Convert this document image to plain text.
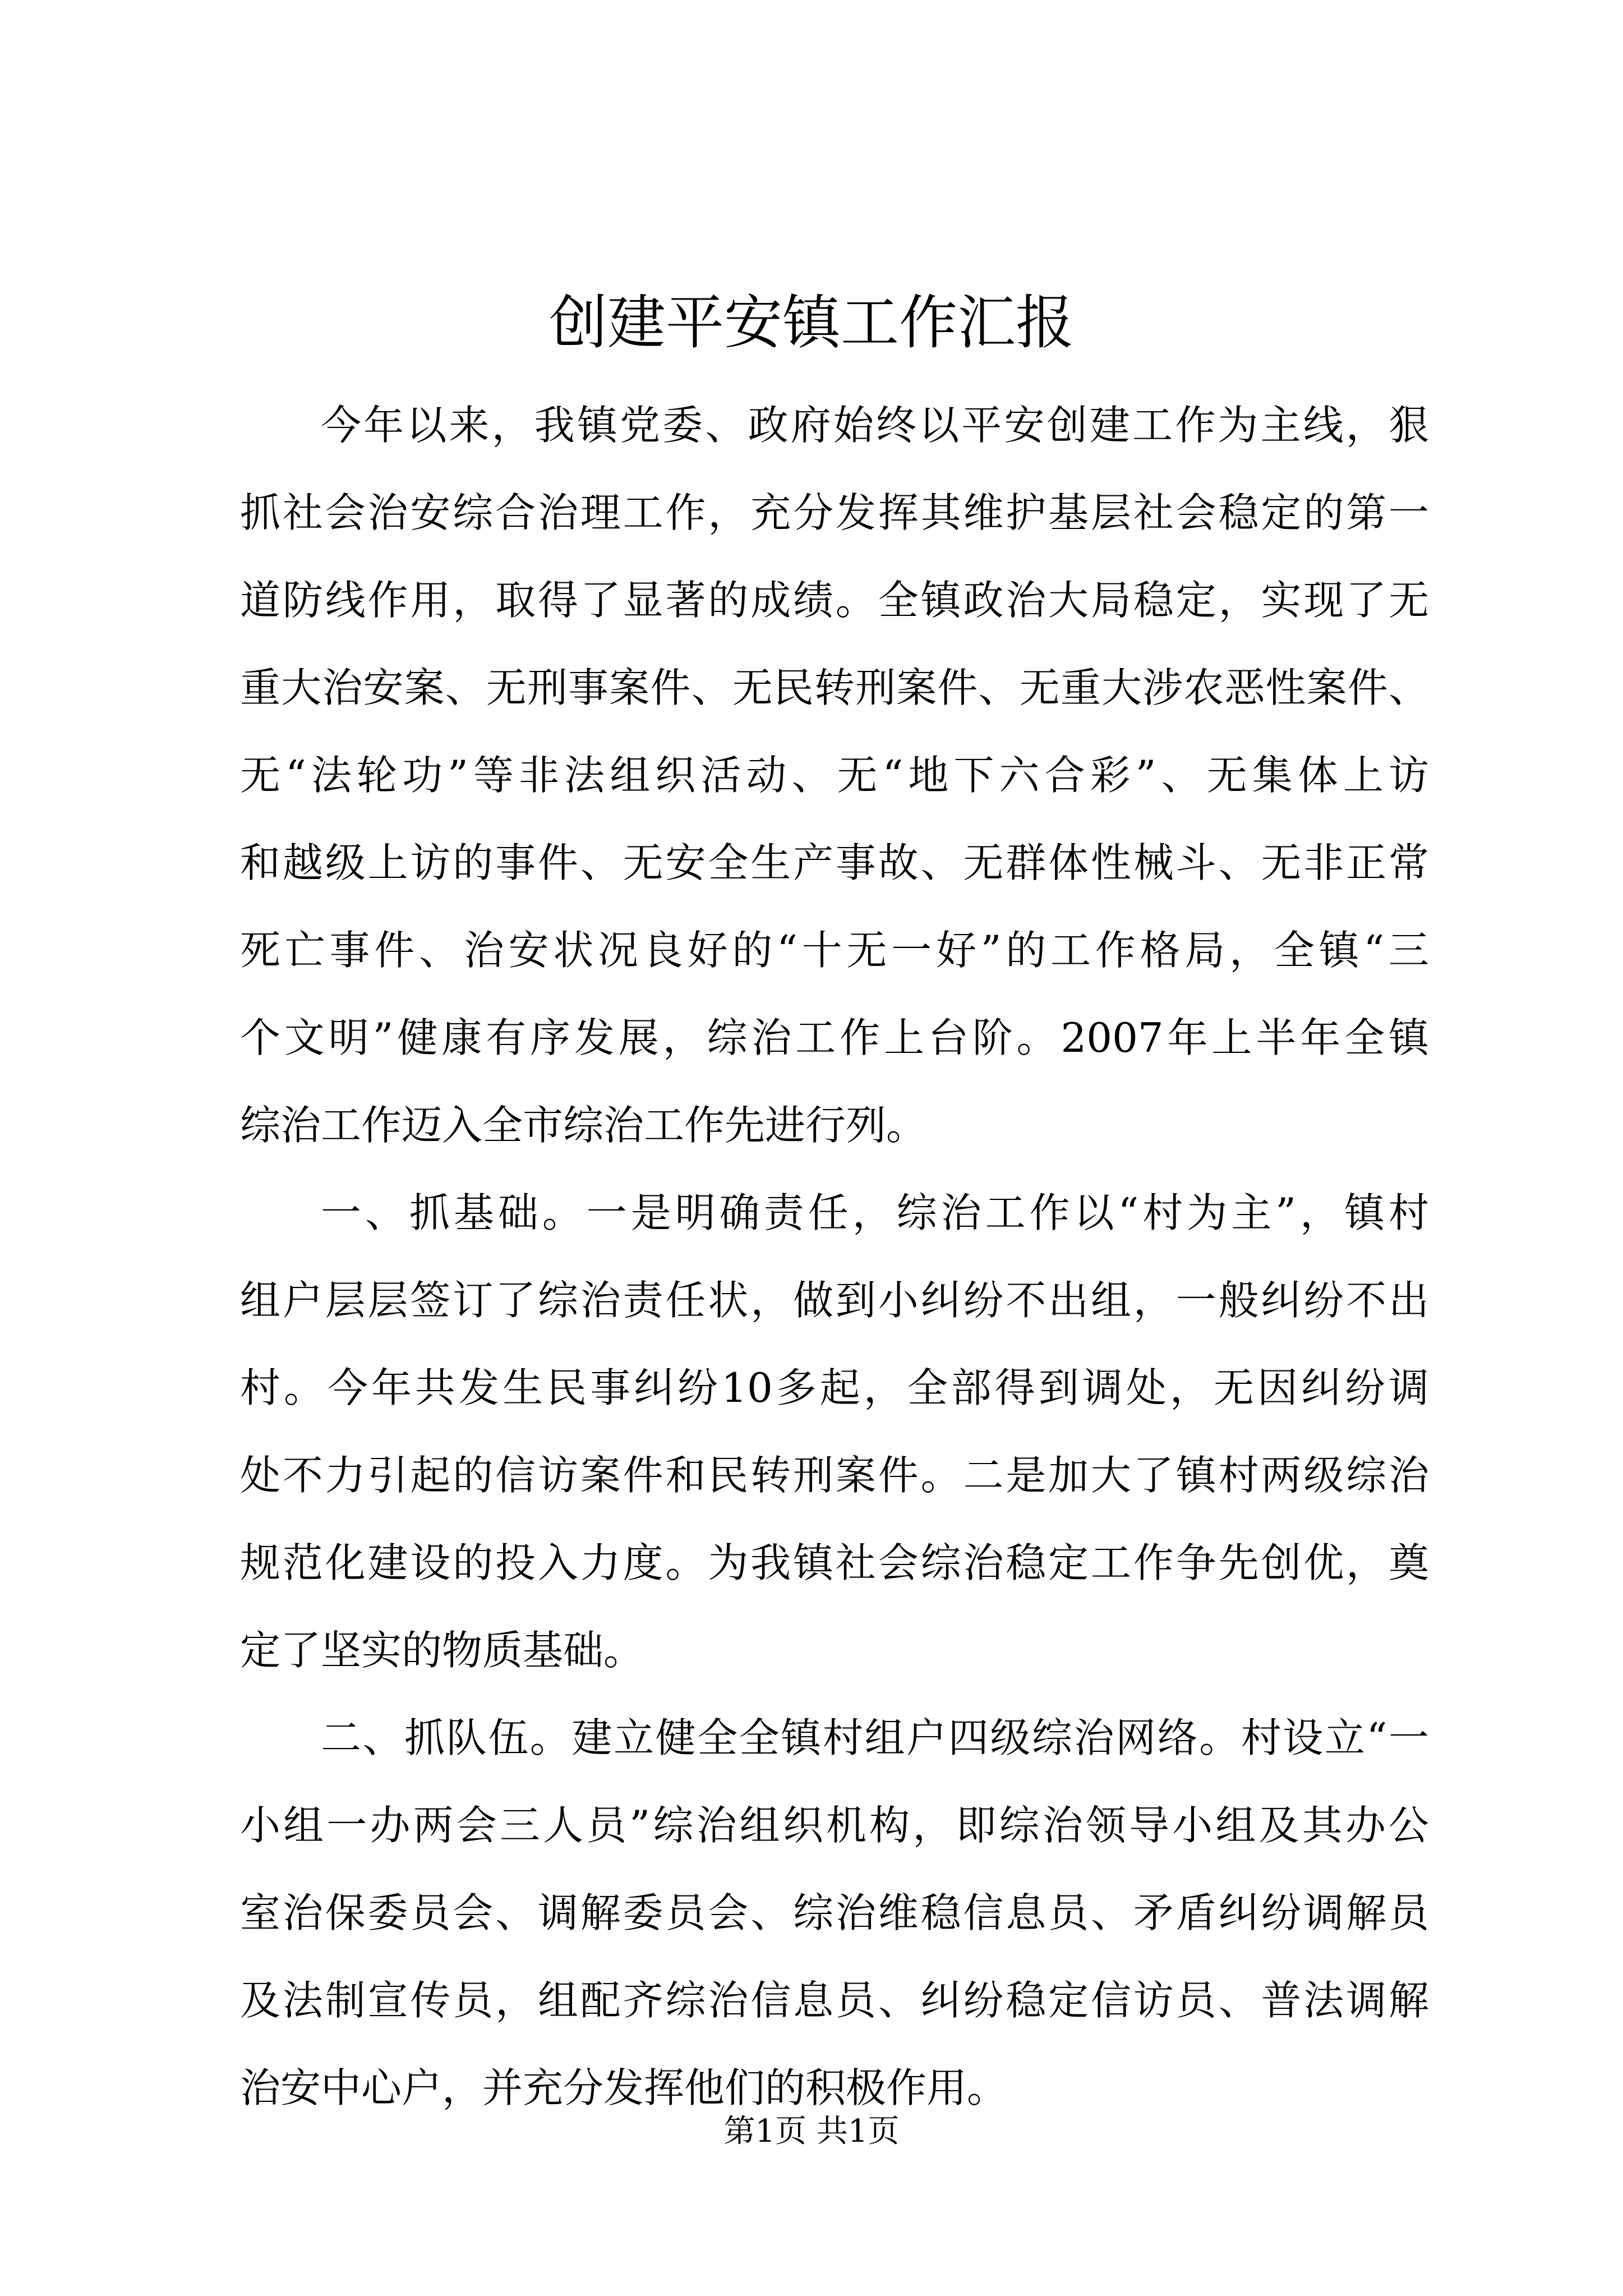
创建平安镇工作汇报
今年以来，我镇党委、政府始终以平安创建工作为主线，狠
抓社会治安综合治理工作，充分发挥其维护基层社会稳定的第一
道防线作用，取得了显著的成绩。全镇政治大局稳定，实现了无
重大治安案、无刑事案件、无民转刑案件、无重大涉农恶性案件、
无“法轮功”等非法组织活动、无“地下六合彩”、无集体上访
和越级上访的事件、无安全生产事故、无群体性械斗、无非正常
死亡事件、治安状况良好的“十无一好”的工作格局，全镇“三
个文明”健康有序发展，综治工作上台阶。2007年上半年全镇
综治工作迈入全市综治工作先进行列。
一、抓基础。一是明确责任，综治工作以“村为主”，镇村
组户层层签订了综治责任状，做到小纠纷不出组，一般纠纷不出
村。今年共发生民事纠纷10多起，全部得到调处，无因纠纷调
处不力引起的信访案件和民转刑案件。二是加大了镇村两级综治
规范化建设的投入力度。为我镇社会综治稳定工作争先创优，奠
定了坚实的物质基础。
二、抓队伍。建立健全全镇村组户四级综治网络。村设立“一
小组一办两会三人员”综治组织机构，即综治领导小组及其办公
室治保委员会、调解委员会、综治维稳信息员、矛盾纠纷调解员
及法制宣传员，组配齐综治信息员、纠纷稳定信访员、普法调解
治安中心户，并充分发挥他们的积极作用。
第1页 共1页
